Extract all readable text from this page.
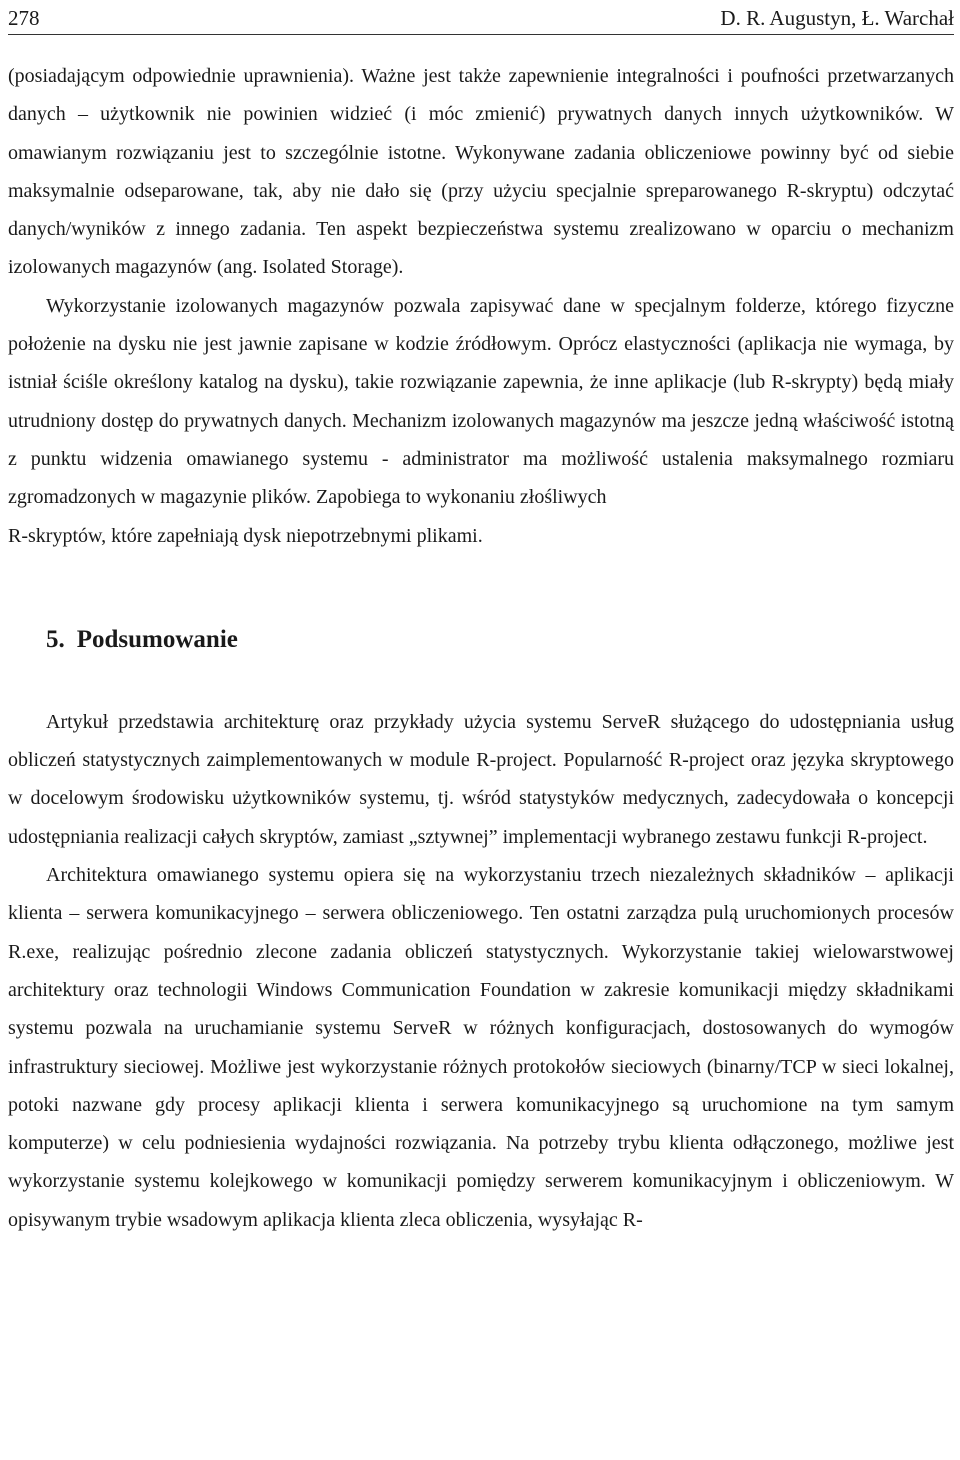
278	D. R. Augustyn, Ł. Warchał

(posiadającym odpowiednie uprawnienia). Ważne jest także zapewnienie integralności i poufności przetwarzanych danych – użytkownik nie powinien widzieć (i móc zmienić) prywatnych danych innych użytkowników. W omawianym rozwiązaniu jest to szczególnie istotne. Wykonywane zadania obliczeniowe powinny być od siebie maksymalnie odseparowane, tak, aby nie dało się (przy użyciu specjalnie spreparowanego R-skryptu) odczytać danych/wyników z innego zadania. Ten aspekt bezpieczeństwa systemu zrealizowano w oparciu o mechanizm izolowanych magazynów (ang. Isolated Storage).

Wykorzystanie izolowanych magazynów pozwala zapisywać dane w specjalnym folderze, którego fizyczne położenie na dysku nie jest jawnie zapisane w kodzie źródłowym. Oprócz elastyczności (aplikacja nie wymaga, by istniał ściśle określony katalog na dysku), takie rozwiązanie zapewnia, że inne aplikacje (lub R-skrypty) będą miały utrudniony dostęp do prywatnych danych. Mechanizm izolowanych magazynów ma jeszcze jedną właściwość istotną z punktu widzenia omawianego systemu - administrator ma możliwość ustalenia maksymalnego rozmiaru zgromadzonych w magazynie plików. Zapobiega to wykonaniu złośliwych

R-skryptów, które zapełniają dysk niepotrzebnymi plikami.

5. Podsumowanie

Artykuł przedstawia architekturę oraz przykłady użycia systemu ServeR służącego do udostępniania usług obliczeń statystycznych zaimplementowanych w module R-project. Popularność R-project oraz języka skryptowego w docelowym środowisku użytkowników systemu, tj. wśród statystyków medycznych, zadecydowała o koncepcji udostępniania realizacji całych skryptów, zamiast „sztywnej” implementacji wybranego zestawu funkcji R-project.

Architektura omawianego systemu opiera się na wykorzystaniu trzech niezależnych składników – aplikacji klienta – serwera komunikacyjnego – serwera obliczeniowego. Ten ostatni zarządza pulą uruchomionych procesów R.exe, realizując pośrednio zlecone zadania obliczeń statystycznych. Wykorzystanie takiej wielowarstwowej architektury oraz technologii Windows Communication Foundation w zakresie komunikacji między składnikami systemu pozwala na uruchamianie systemu ServeR w różnych konfiguracjach, dostosowanych do wymogów infrastruktury sieciowej. Możliwe jest wykorzystanie różnych protokołów sieciowych (binarny/TCP w sieci lokalnej, potoki nazwane gdy procesy aplikacji klienta i serwera komunikacyjnego są uruchomione na tym samym komputerze) w celu podniesienia wydajności rozwiązania. Na potrzeby trybu klienta odłączonego, możliwe jest wykorzystanie systemu kolejkowego w komunikacji pomiędzy serwerem komunikacyjnym i obliczeniowym. W opisywanym trybie wsadowym aplikacja klienta zleca obliczenia, wysyłając R-
